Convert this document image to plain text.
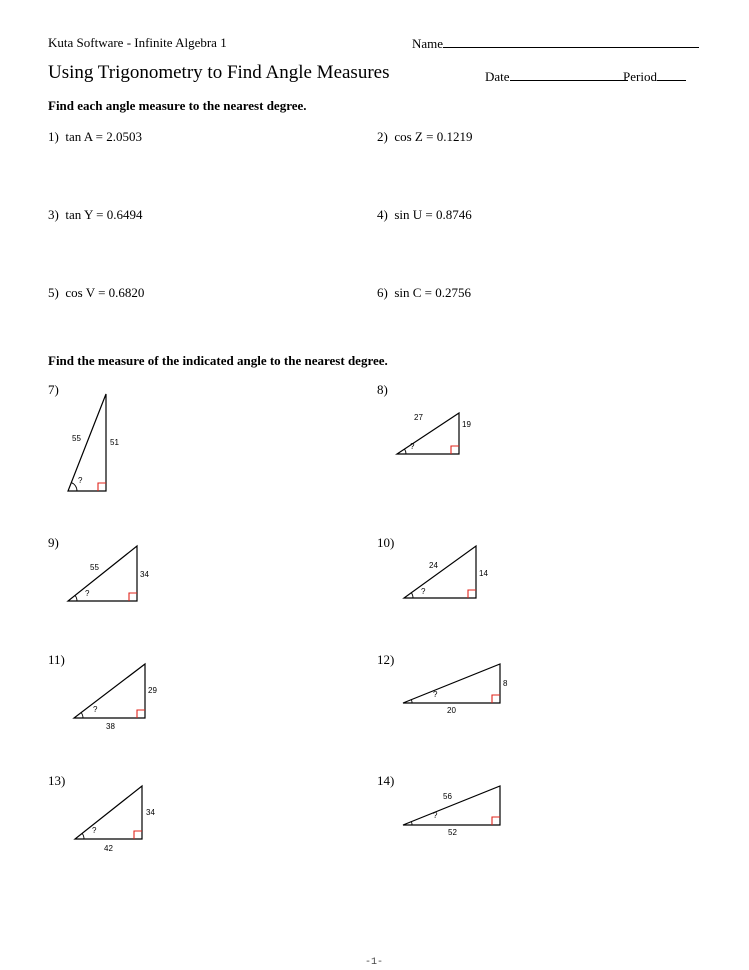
Kuta Software - Infinite Algebra 1	Name
Using Trigonometry to Find Angle Measures	Date	Period
Find each angle measure to the nearest degree.
1) tan A = 2.0503	2) cos Z = 0.1219
3) tan Y = 0.6494	4) sin U = 0.8746
5) cos V = 0.6820	6) sin C = 0.2756
Find the measure of the indicated angle to the nearest degree.
7)	8)
9)	10)
11)	12)
13)	14)
55	51
?
27
19
?
55
34
?
24
14
?
29
38
?
8
20
?
34
42
?
56
52
?
-1-
